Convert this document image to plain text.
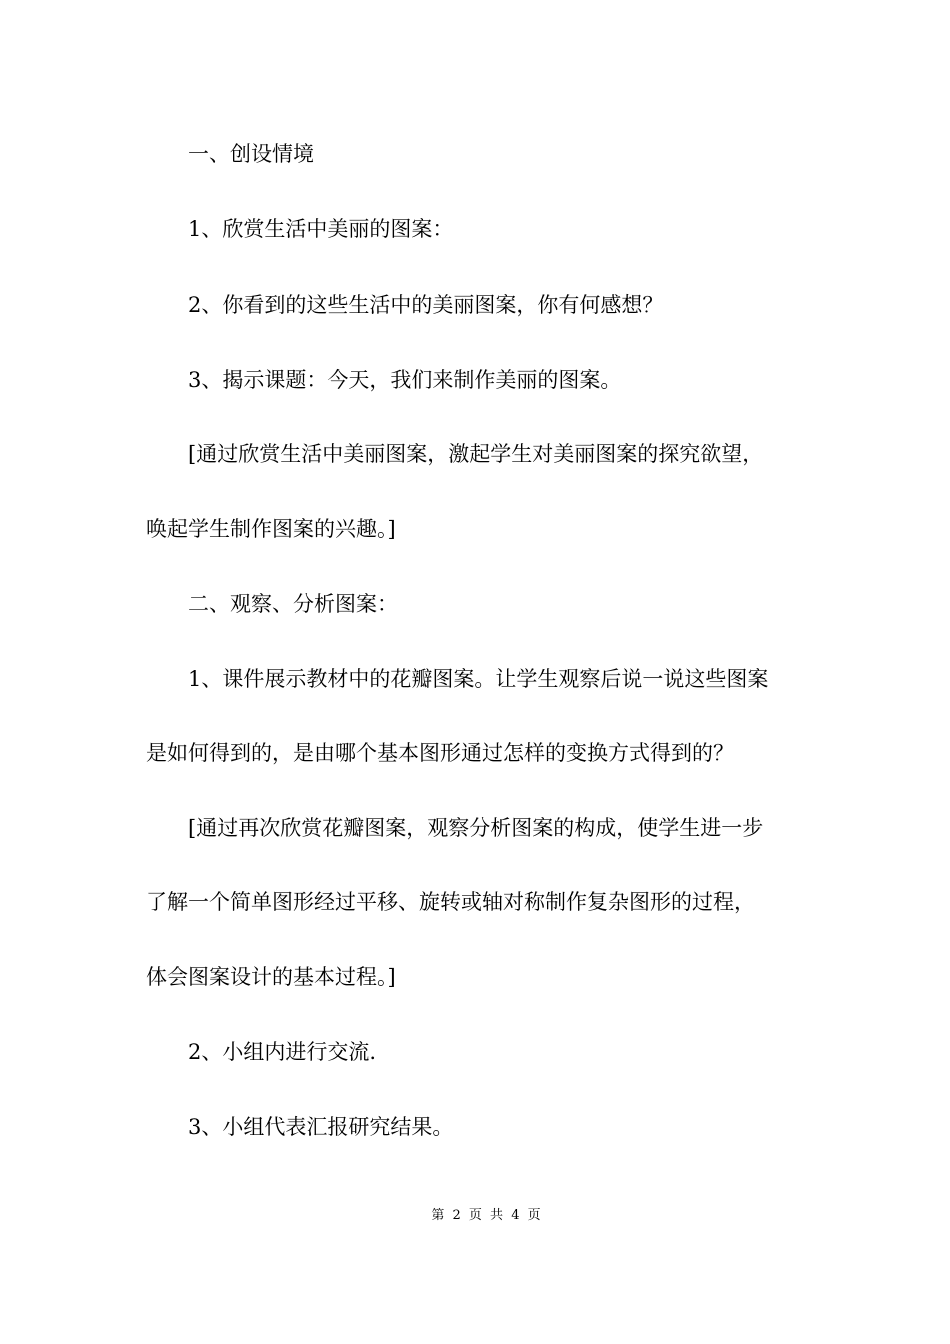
一、创设情境
1、欣赏生活中美丽的图案：
2、你看到的这些生活中的美丽图案，你有何感想？
3、揭示课题：今天，我们来制作美丽的图案。
[通过欣赏生活中美丽图案，激起学生对美丽图案的探究欲望，
唤起学生制作图案的兴趣。]
二、观察、分析图案：
1、课件展示教材中的花瓣图案。让学生观察后说一说这些图案
是如何得到的，是由哪个基本图形通过怎样的变换方式得到的？
[通过再次欣赏花瓣图案，观察分析图案的构成，使学生进一步
了解一个简单图形经过平移、旋转或轴对称制作复杂图形的过程，
体会图案设计的基本过程。]
2、小组内进行交流.
3、小组代表汇报研究结果。
第 2 页 共 4 页
